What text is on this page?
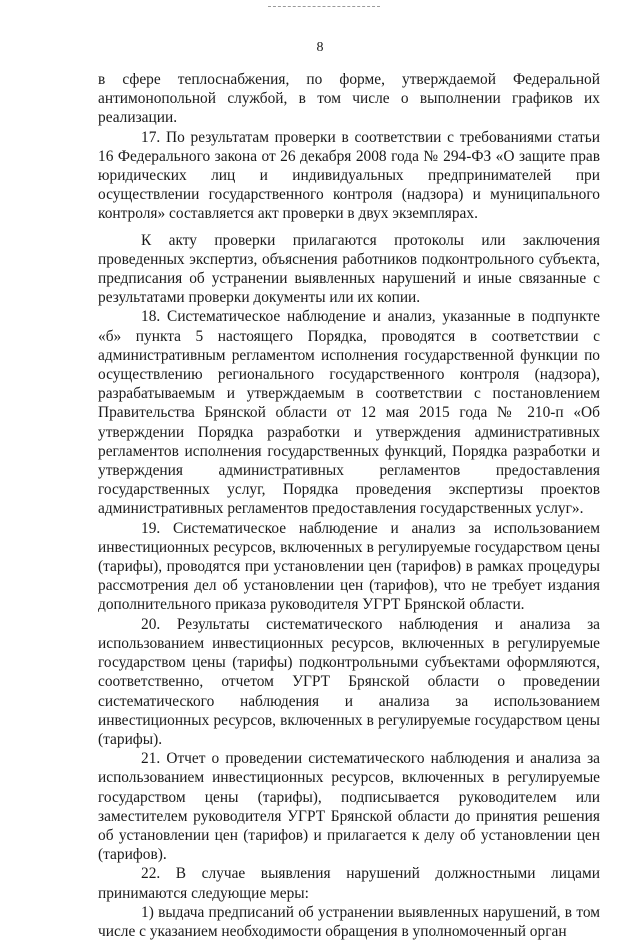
8

в сфере теплоснабжения, по форме, утверждаемой Федеральной антимонопольной службой, в том числе о выполнении графиков их реализации.

17. По результатам проверки в соответствии с требованиями статьи 16 Федерального закона от 26 декабря 2008 года № 294-ФЗ «О защите прав юридических лиц и индивидуальных предпринимателей при осуществлении государственного контроля (надзора) и муниципального контроля» составляется акт проверки в двух экземплярах.

К акту проверки прилагаются протоколы или заключения проведенных экспертиз, объяснения работников подконтрольного субъекта, предписания об устранении выявленных нарушений и иные связанные с результатами проверки документы или их копии.

18. Систематическое наблюдение и анализ, указанные в подпункте «б» пункта 5 настоящего Порядка, проводятся в соответствии с административным регламентом исполнения государственной функции по осуществлению регионального государственного контроля (надзора), разрабатываемым и утверждаемым в соответствии с постановлением Правительства Брянской области от 12 мая 2015 года № 210-п «Об утверждении Порядка разработки и утверждения административных регламентов исполнения государственных функций, Порядка разработки и утверждения административных регламентов предоставления государственных услуг, Порядка проведения экспертизы проектов административных регламентов предоставления государственных услуг».

19. Систематическое наблюдение и анализ за использованием инвестиционных ресурсов, включенных в регулируемые государством цены (тарифы), проводятся при установлении цен (тарифов) в рамках процедуры рассмотрения дел об установлении цен (тарифов), что не требует издания дополнительного приказа руководителя УГРТ Брянской области.

20. Результаты систематического наблюдения и анализа за использованием инвестиционных ресурсов, включенных в регулируемые государством цены (тарифы) подконтрольными субъектами оформляются, соответственно, отчетом УГРТ Брянской области о проведении систематического наблюдения и анализа за использованием инвестиционных ресурсов, включенных в регулируемые государством цены (тарифы).

21. Отчет о проведении систематического наблюдения и анализа за использованием инвестиционных ресурсов, включенных в регулируемые государством цены (тарифы), подписывается руководителем или заместителем руководителя УГРТ Брянской области до принятия решения об установлении цен (тарифов) и прилагается к делу об установлении цен (тарифов).

22. В случае выявления нарушений должностными лицами принимаются следующие меры:

1) выдача предписаний об устранении выявленных нарушений, в том числе с указанием необходимости обращения в уполномоченный орган
